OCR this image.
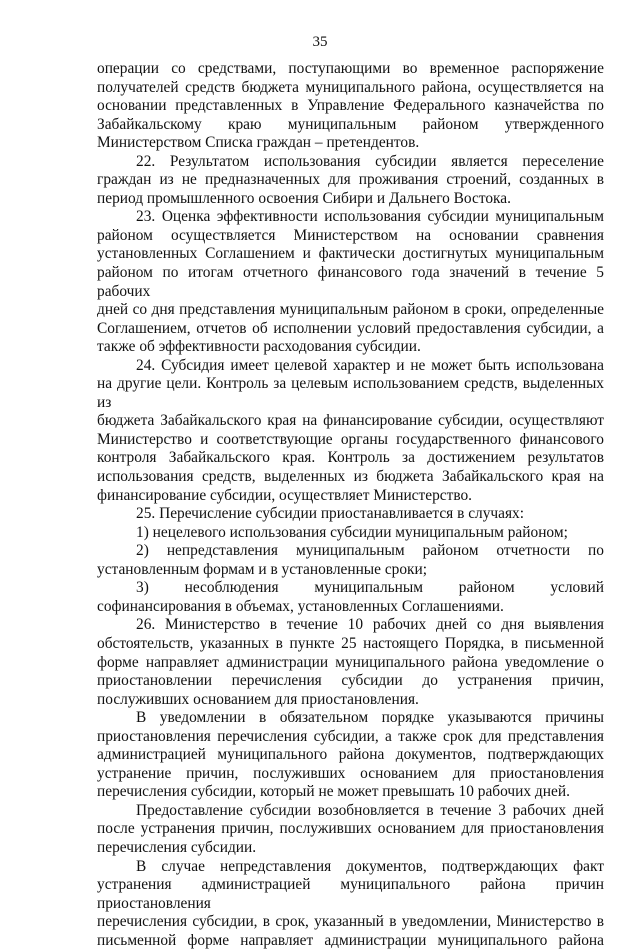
35
операции со средствами, поступающими во временное распоряжение
получателей средств бюджета муниципального района, осуществляется на
основании представленных в Управление Федерального казначейства по
Забайкальскому краю муниципальным районом утвержденного
Министерством Списка граждан – претендентов.
22. Результатом использования субсидии является переселение
граждан из не предназначенных для проживания строений, созданных в
период промышленного освоения Сибири и Дальнего Востока.
23. Оценка эффективности использования субсидии муниципальным
районом осуществляется Министерством на основании сравнения
установленных Соглашением и фактически достигнутых муниципальным
районом по итогам отчетного финансового года значений в течение 5 рабочих
дней со дня представления муниципальным районом в сроки, определенные
Соглашением, отчетов об исполнении условий предоставления субсидии, а
также об эффективности расходования субсидии.
24. Субсидия имеет целевой характер и не может быть использована
на другие цели. Контроль за целевым использованием средств, выделенных из
бюджета Забайкальского края на финансирование субсидии, осуществляют
Министерство и соответствующие органы государственного финансового
контроля Забайкальского края. Контроль за достижением результатов
использования средств, выделенных из бюджета Забайкальского края на
финансирование субсидии, осуществляет Министерство.
25. Перечисление субсидии приостанавливается в случаях:
1) нецелевого использования субсидии муниципальным районом;
2) непредставления муниципальным районом отчетности по
установленным формам и в установленные сроки;
3) несоблюдения муниципальным районом условий
софинансирования в объемах, установленных Соглашениями.
26. Министерство в течение 10 рабочих дней со дня выявления
обстоятельств, указанных в пункте 25 настоящего Порядка, в письменной
форме направляет администрации муниципального района уведомление о
приостановлении перечисления субсидии до устранения причин,
послуживших основанием для приостановления.
В уведомлении в обязательном порядке указываются причины
приостановления перечисления субсидии, а также срок для представления
администрацией муниципального района документов, подтверждающих
устранение причин, послуживших основанием для приостановления
перечисления субсидии, который не может превышать 10 рабочих дней.
Предоставление субсидии возобновляется в течение 3 рабочих дней
после устранения причин, послуживших основанием для приостановления
перечисления субсидии.
В случае непредставления документов, подтверждающих факт
устранения администрацией муниципального района причин приостановления
перечисления субсидии, в срок, указанный в уведомлении, Министерство в
письменной форме направляет администрации муниципального района
